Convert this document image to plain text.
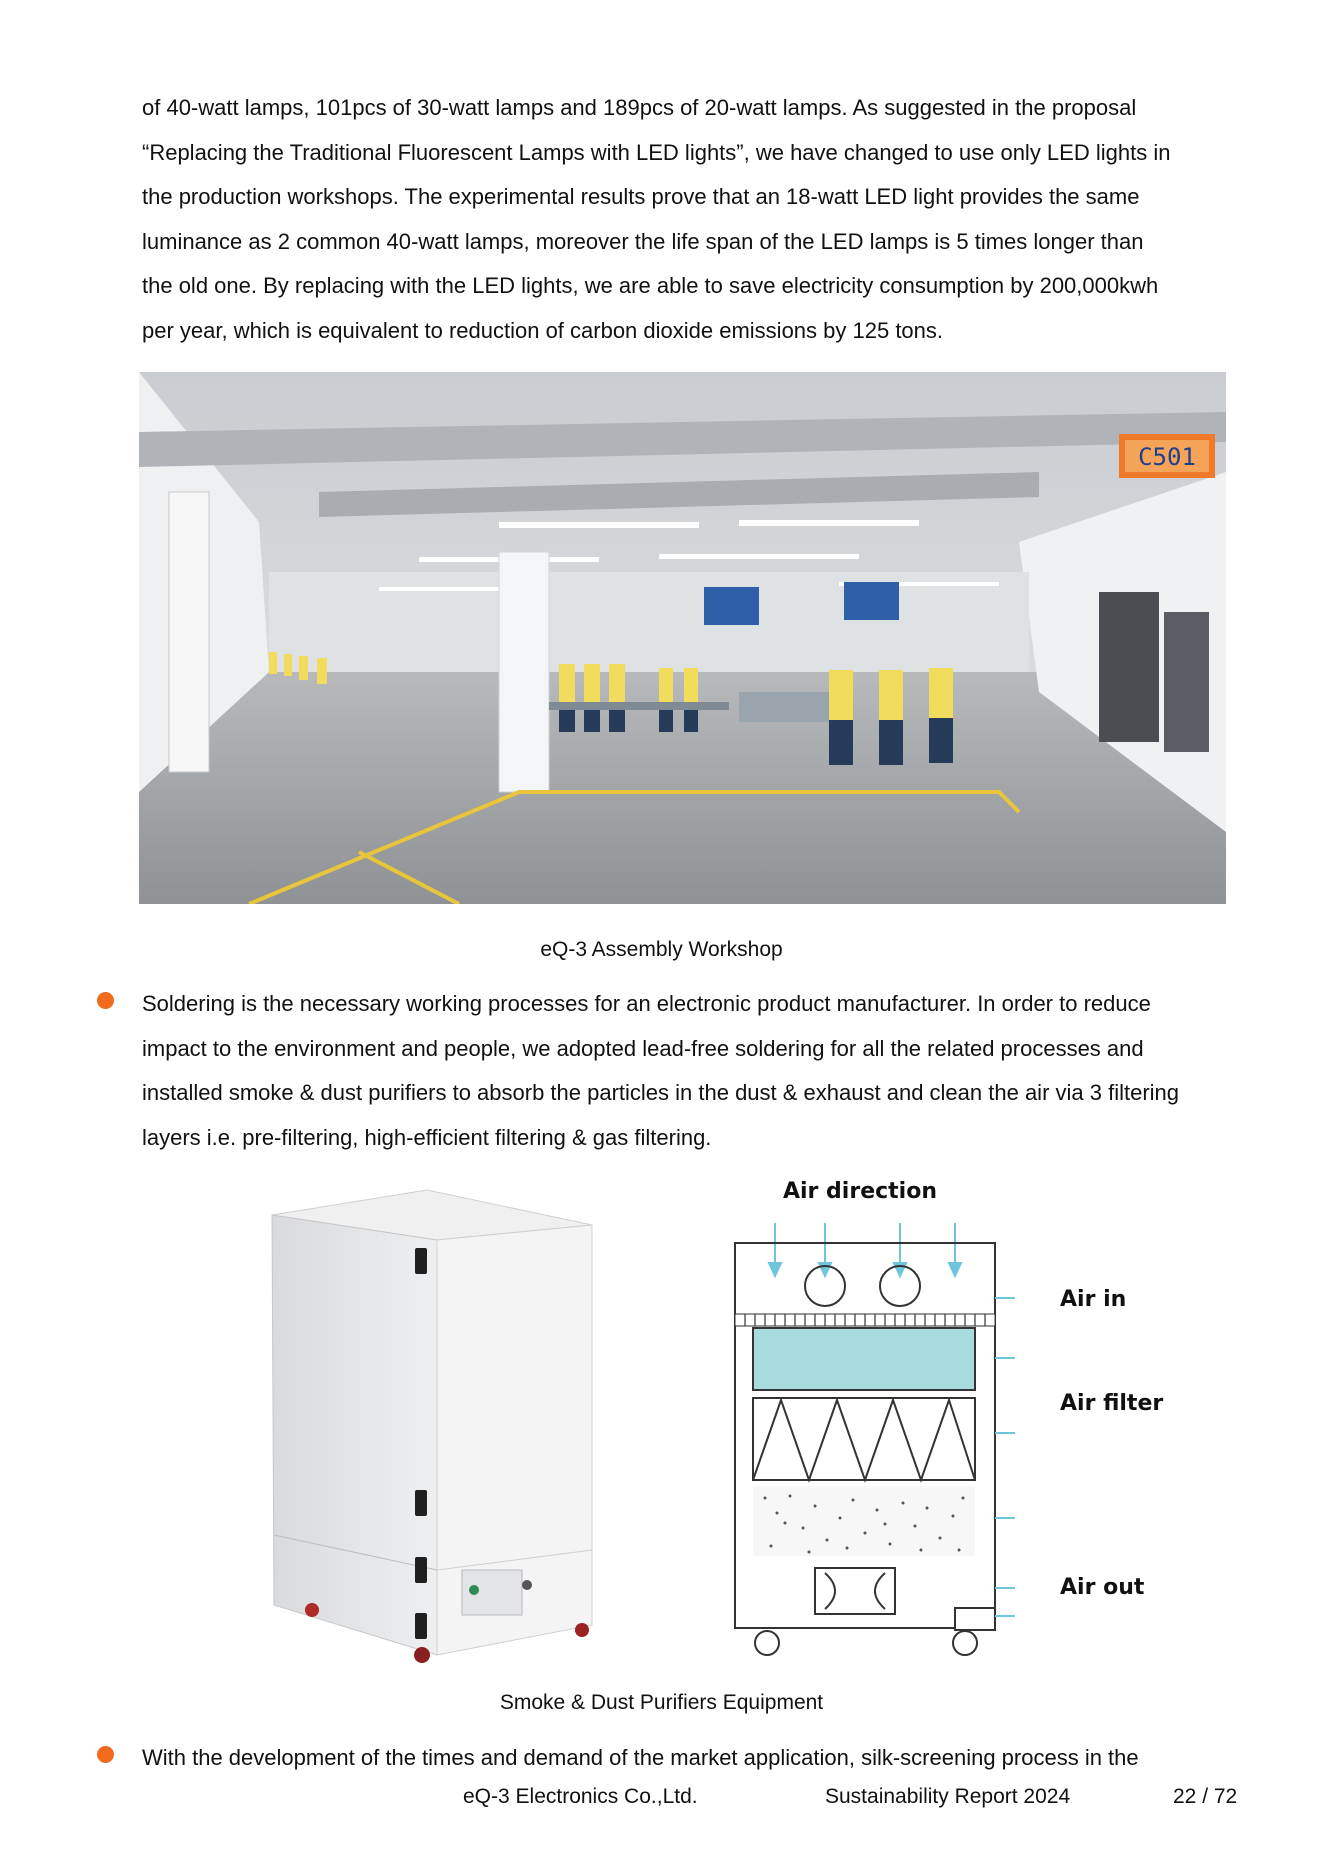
of 40-watt lamps, 101pcs of 30-watt lamps and 189pcs of 20-watt lamps. As suggested in the proposal
“Replacing the Traditional Fluorescent Lamps with LED lights”, we have changed to use only LED lights in
the production workshops. The experimental results prove that an 18-watt LED light provides the same
luminance as 2 common 40-watt lamps, moreover the life span of the LED lamps is 5 times longer than
the old one. By replacing with the LED lights, we are able to save electricity consumption by 200,000kwh
per year, which is equivalent to reduction of carbon dioxide emissions by 125 tons.
C501
eQ-3 Assembly Workshop
Soldering is the necessary working processes for an electronic product manufacturer. In order to reduce
impact to the environment and people, we adopted lead-free soldering for all the related processes and
installed smoke & dust purifiers to absorb the particles in the dust & exhaust and clean the air via 3 filtering
layers i.e. pre-filtering, high-efficient filtering & gas filtering.
Air direction
Air in
Air filter
Air out
Smoke & Dust Purifiers Equipment
With the development of the times and demand of the market application, silk-screening process in the
eQ-3 Electronics Co.,Ltd.	Sustainability Report 2024	22 / 72
